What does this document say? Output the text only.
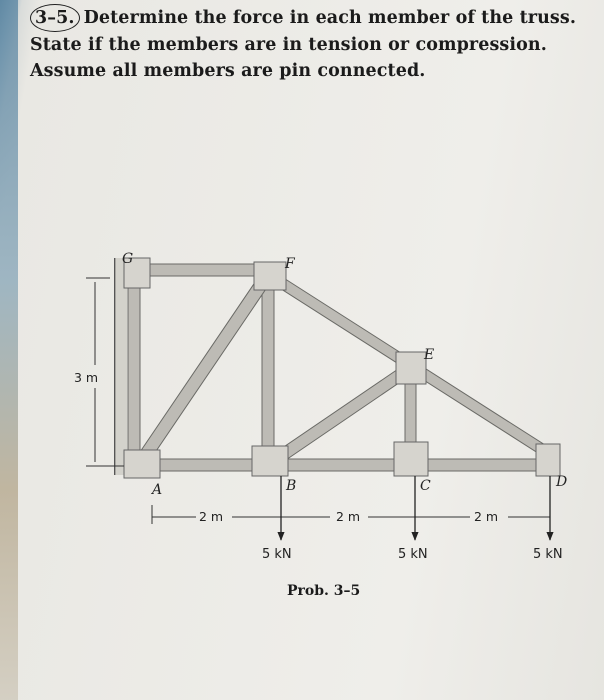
3–5. Determine the force in each member of the truss. State if the members are in tension or compression. Assume all members are pin connected.
G	F
E
A	B	C	D
3 m
2 m	2 m	2 m
5 kN	5 kN	5 kN
Prob. 3–5
